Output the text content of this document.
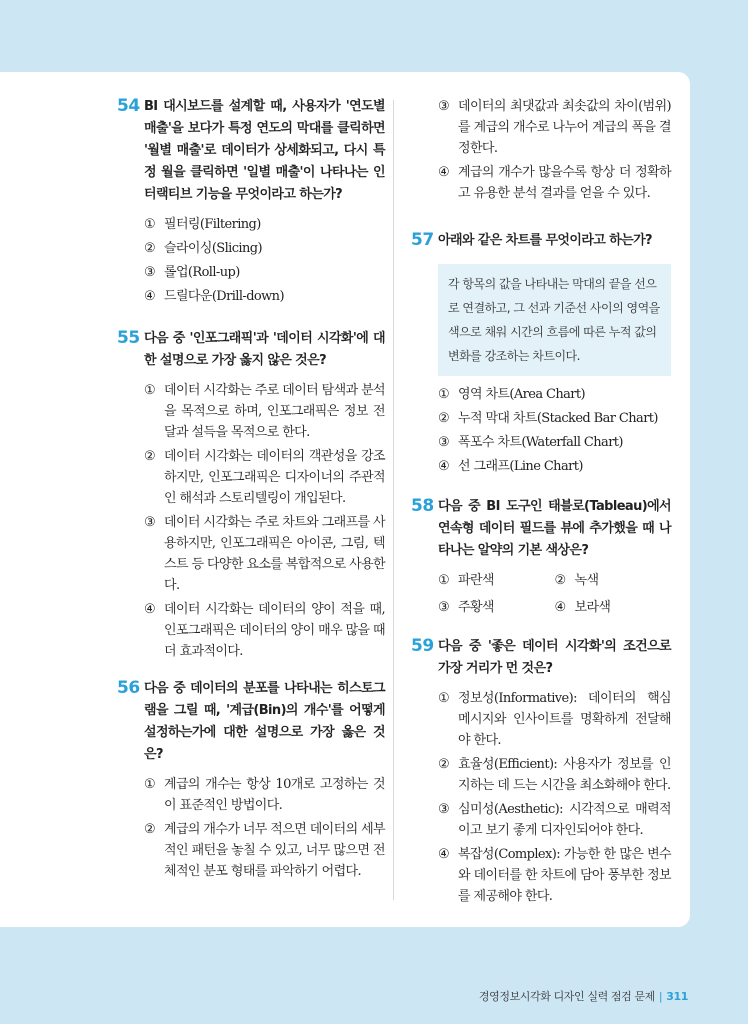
54 BI 대시보드를 설계할 때, 사용자가 '연도별 매출'을 보다가 특정 연도의 막대를 클릭하면 '월별 매출'로 데이터가 상세화되고, 다시 특정 월을 클릭하면 '일별 매출'이 나타나는 인터랙티브 기능을 무엇이라고 하는가?
① 필터링(Filtering)
② 슬라이싱(Slicing)
③ 롤업(Roll-up)
④ 드릴다운(Drill-down)
55 다음 중 '인포그래픽'과 '데이터 시각화'에 대한 설명으로 가장 옳지 않은 것은?
① 데이터 시각화는 주로 데이터 탐색과 분석을 목적으로 하며, 인포그래픽은 정보 전달과 설득을 목적으로 한다.
② 데이터 시각화는 데이터의 객관성을 강조하지만, 인포그래픽은 디자이너의 주관적인 해석과 스토리텔링이 개입된다.
③ 데이터 시각화는 주로 차트와 그래프를 사용하지만, 인포그래픽은 아이콘, 그림, 텍스트 등 다양한 요소를 복합적으로 사용한다.
④ 데이터 시각화는 데이터의 양이 적을 때, 인포그래픽은 데이터의 양이 매우 많을 때 더 효과적이다.
56 다음 중 데이터의 분포를 나타내는 히스토그램을 그릴 때, '계급(Bin)의 개수'를 어떻게 설정하는가에 대한 설명으로 가장 옳은 것은?
① 계급의 개수는 항상 10개로 고정하는 것이 표준적인 방법이다.
② 계급의 개수가 너무 적으면 데이터의 세부적인 패턴을 놓칠 수 있고, 너무 많으면 전체적인 분포 형태를 파악하기 어렵다.
③ 데이터의 최댓값과 최솟값의 차이(범위)를 계급의 개수로 나누어 계급의 폭을 결정한다.
④ 계급의 개수가 많을수록 항상 더 정확하고 유용한 분석 결과를 얻을 수 있다.
57 아래와 같은 차트를 무엇이라고 하는가?
각 항목의 값을 나타내는 막대의 끝을 선으로 연결하고, 그 선과 기준선 사이의 영역을 색으로 채워 시간의 흐름에 따른 누적 값의 변화를 강조하는 차트이다.
① 영역 차트(Area Chart)
② 누적 막대 차트(Stacked Bar Chart)
③ 폭포수 차트(Waterfall Chart)
④ 선 그래프(Line Chart)
58 다음 중 BI 도구인 태블로(Tableau)에서 연속형 데이터 필드를 뷰에 추가했을 때 나타나는 알약의 기본 색상은?
① 파란색	② 녹색
③ 주황색	④ 보라색
59 다음 중 '좋은 데이터 시각화'의 조건으로 가장 거리가 먼 것은?
① 정보성(Informative): 데이터의 핵심 메시지와 인사이트를 명확하게 전달해야 한다.
② 효율성(Efficient): 사용자가 정보를 인지하는 데 드는 시간을 최소화해야 한다.
③ 심미성(Aesthetic): 시각적으로 매력적이고 보기 좋게 디자인되어야 한다.
④ 복잡성(Complex): 가능한 한 많은 변수와 데이터를 한 차트에 담아 풍부한 정보를 제공해야 한다.
경영정보시각화 디자인 실력 점검 문제 | 311
